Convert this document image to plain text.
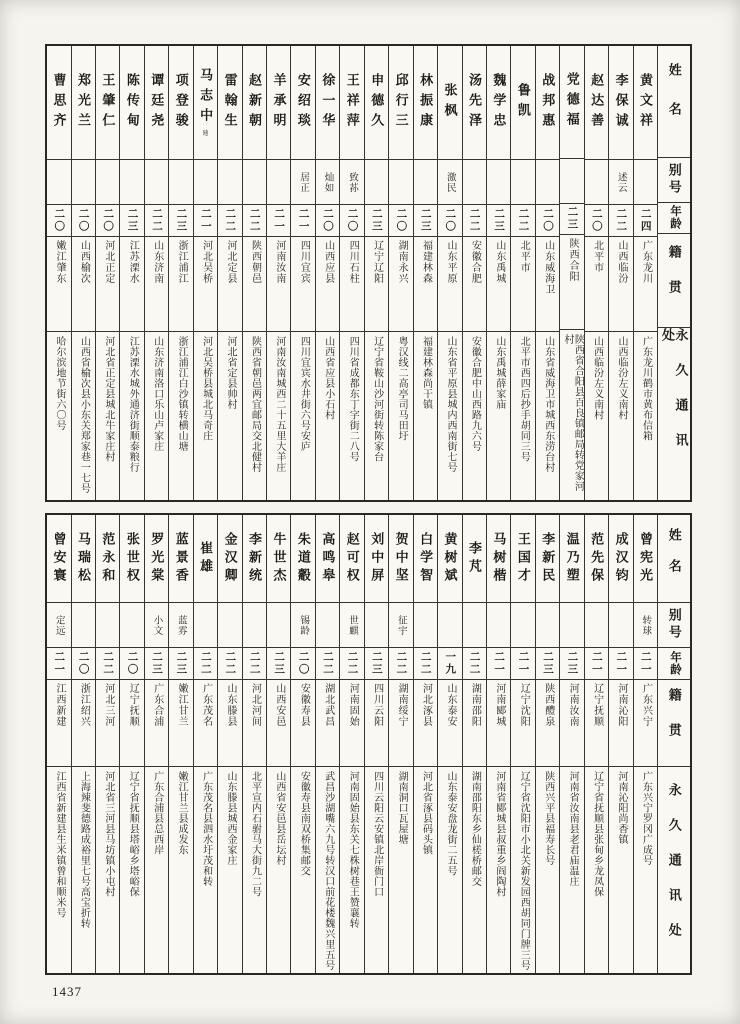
姓名
别号
年龄
籍贯
永久通讯处
黄文祥
二四
广东龙川
广东龙川鹤市黄布信箱
李保诚
述云
二二
山西临汾
山西临汾左义南村
赵达善
二〇
北平市
山西临汾左义南村
党德福
二三
陕西合阳
陕西省合阳县百良镇邮局转党家河村
战邦惠
二〇
山东威海卫
山东省威海卫市城西东涝台村
鲁凯
二二
北平市
北平市西四后抄手胡同三号
魏学忠
二三
山东禹城
山东禹城薛家庙
汤先泽
二二
安徽合肥
安徽合肥中山西路九六号
张枫
激民
二〇
山东平原
山东省平原县城内西南街七号
林振康
二三
福建林森
福建林森尚干镇
邱行三
二〇
湖南永兴
粤汉线二高亭司马田圩
申德久
二三
辽宁辽阳
辽宁省鞍山沙河街转陈家台
王祥萍
致荪
二〇
四川石柱
四川省成都东丁字街二八号
徐一华
灿如
二〇
山西应县
山西省应县小石村
安绍琰
居正
二一
四川宜宾
四川宜宾水井街六号安庐
羊承明
二一
河南汝南
河南汝南城西二十五里大羊庄
赵新朝
二二
陕西朝邑
陕西省朝邑两宜邮局交北健村
雷翰生
二二
河北定县
河北省定县帅村
马志中
廸
二一
河北吴桥
河北吴桥县城北马奇庄
项登骏
二三
浙江浦江
浙江浦江白沙镇转横山塘
谭廷尧
二二
山东济南
山东济南洛口乐山卢家庄
陈传甸
二三
江苏溧水
江苏溧水城外通济街顺泰粮行
王肇仁
二〇
河北正定
河北省正定县城北牛家庄村
郑光兰
二〇
山西榆次
山西省榆次县小东关郑家巷一七号
曹思齐
二〇
嫩江肇东
哈尔滨地节街六〇号
姓名
别号
年龄
籍贯
永久通讯处
曾宪光
转球
二一
广东兴宁
广东兴宁罗冈广成号
成汉钧
二一
河南沁阳
河南沁阳尚香镇
范先保
二一
辽宁抚顺
辽宁省抚顺县张甸乡龙凤保
温乃塑
二三
河南汝南
河南省汝南县老君庙温庄
李新民
二三
陕西醴泉
陕西兴平县福寿长号
王国才
二一
辽宁沈阳
辽宁省沈阳市小北关新发园西胡同门牌三号
马树楷
二一
河南郾城
河南省郾城县叔重乡阎陶村
李芃
二二
湖南邵阳
湖南邵阳东乡仙槎桥邮交
黄树斌
一九
山东泰安
山东泰安盘龙街二五号
白学智
二二
河北涿县
河北省涿县码头镇
贺中坚
征宇
二二
湖南绥宁
湖南洞口瓦屋塘
刘中屏
二三
四川云阳
四川云阳云安镇北岸衙门口
赵可权
世麒
二二
河南固始
河南固始县东关七株树巷王赞襄转
高鸣皋
二二
湖北武昌
武昌沙湖嘴六九号转汉口前花楼魏兴里五号
朱道觳
锡龄
二〇
安徽寿县
安徽寿县南双桥集邮交
牛世杰
二三
山西安邑
山西省安邑县岳坛村
李新统
二二
河北河间
北平宣内石驸马大街九二号
金汉卿
二二
山东滕县
山东滕县城西金家庄
崔雄
二二
广东茂名
广东茂名县泗水圩茂和转
蓝景香
蓝雰
二三
嫩江甘兰
嫩江甘兰县成发东
罗光棠
小文
二三
广东合浦
广东合浦县总西岸
张世权
二〇
辽宁抚顺
辽宁省抚顺县塔峪乡塔峪保
范永和
二二
河北三河
河北省三河县马坊镇小屯村
马瑞松
二〇
浙江绍兴
上海辣斐德路成裕里七号高宝折转
曾安寰
定远
二一
江西新建
江西省新建县生米镇曾和顺米号
1437
